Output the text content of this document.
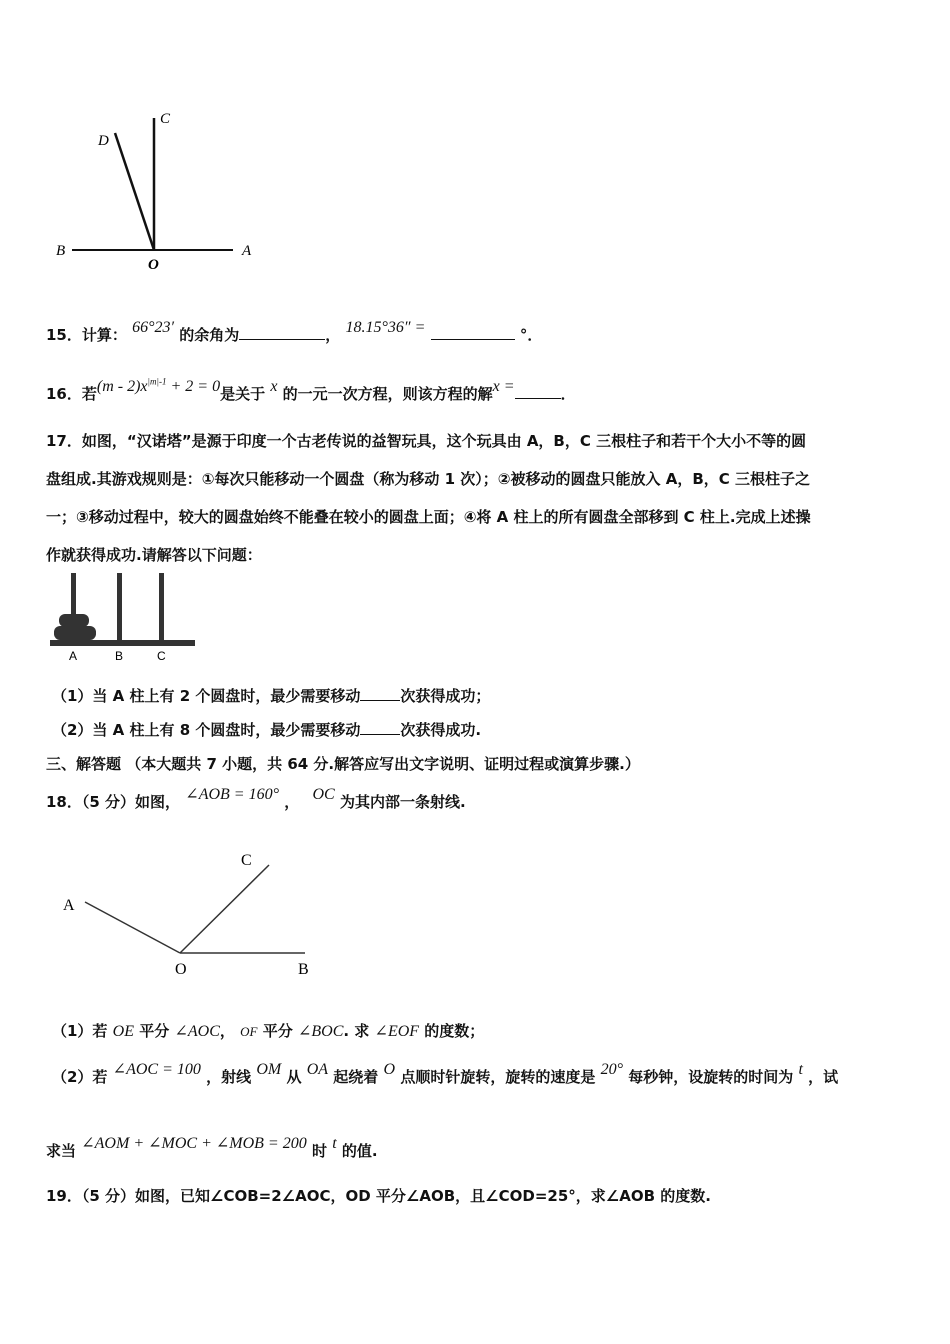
C
D
B
O
A
15．计算： 66°23′ 的余角为	， 18.15°36″ =	°．
16．若$(m - 2)x^{|m|-1} + 2 = 0$是关于 x 的一元一次方程，则该方程的解x =	．
17．如图，“汉诺塔”是源于印度一个古老传说的益智玩具，这个玩具由 A，B，C 三根柱子和若干个大小不等的圆
盘组成.其游戏规则是：①每次只能移动一个圆盘（称为移动 1 次）；②被移动的圆盘只能放入 A，B，C 三根柱子之
一；③移动过程中，较大的圆盘始终不能叠在较小的圆盘上面；④将 A 柱上的所有圆盘全部移到 C 柱上.完成上述操
作就获得成功.请解答以下问题：
A	B	C
（1）当 A 柱上有 2 个圆盘时，最少需要移动	次获得成功；
（2）当 A 柱上有 8 个圆盘时，最少需要移动	次获得成功.
三、解答题 （本大题共 7 小题，共 64 分.解答应写出文字说明、证明过程或演算步骤.）
18．（5 分）如图， ∠AOB = 160° ， OC 为其内部一条射线.
A
C
O	B
（1）若 OE 平分 ∠AOC， OF 平分 ∠BOC. 求 ∠EOF 的度数；
（2）若 ∠AOC = 100 ，射线 OM 从 OA 起绕着 O 点顺时针旋转，旋转的速度是 20° 每秒钟，设旋转的时间为 t ，试
求当 ∠AOM + ∠MOC + ∠MOB = 200 时 t 的值.
19．（5 分）如图，已知∠COB=2∠AOC，OD 平分∠AOB，且∠COD=25°，求∠AOB 的度数.
